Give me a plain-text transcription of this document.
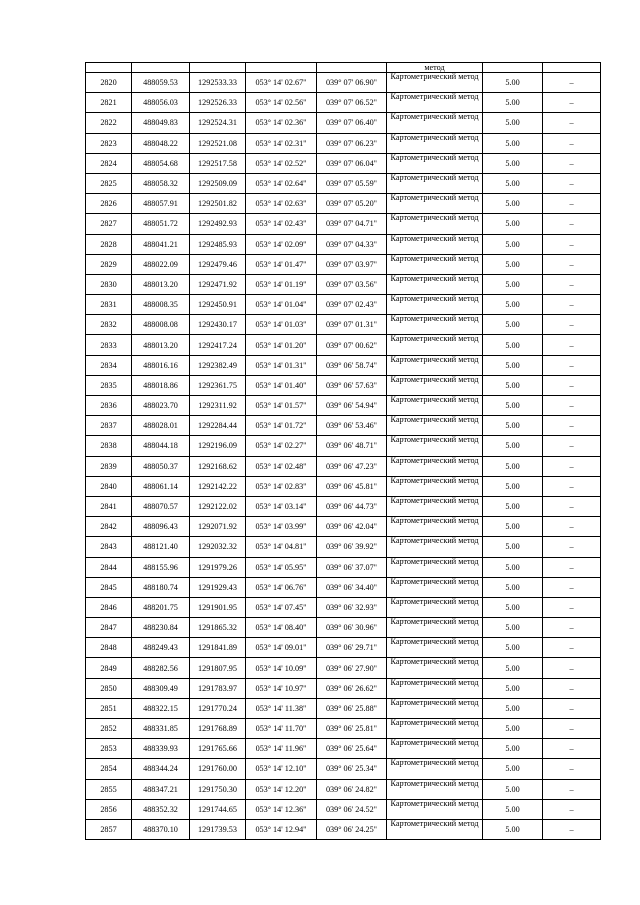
					метод		
2820	488059.53	1292533.33	053° 14' 02.67"	039° 07' 06.90"	Картометрический метод	5.00	–
2821	488056.03	1292526.33	053° 14' 02.56"	039° 07' 06.52"	Картометрический метод	5.00	–
2822	488049.83	1292524.31	053° 14' 02.36"	039° 07' 06.40"	Картометрический метод	5.00	–
2823	488048.22	1292521.08	053° 14' 02.31"	039° 07' 06.23"	Картометрический метод	5.00	–
2824	488054.68	1292517.58	053° 14' 02.52"	039° 07' 06.04"	Картометрический метод	5.00	–
2825	488058.32	1292509.09	053° 14' 02.64"	039° 07' 05.59"	Картометрический метод	5.00	–
2826	488057.91	1292501.82	053° 14' 02.63"	039° 07' 05.20"	Картометрический метод	5.00	–
2827	488051.72	1292492.93	053° 14' 02.43"	039° 07' 04.71"	Картометрический метод	5.00	–
2828	488041.21	1292485.93	053° 14' 02.09"	039° 07' 04.33"	Картометрический метод	5.00	–
2829	488022.09	1292479.46	053° 14' 01.47"	039° 07' 03.97"	Картометрический метод	5.00	–
2830	488013.20	1292471.92	053° 14' 01.19"	039° 07' 03.56"	Картометрический метод	5.00	–
2831	488008.35	1292450.91	053° 14' 01.04"	039° 07' 02.43"	Картометрический метод	5.00	–
2832	488008.08	1292430.17	053° 14' 01.03"	039° 07' 01.31"	Картометрический метод	5.00	–
2833	488013.20	1292417.24	053° 14' 01.20"	039° 07' 00.62"	Картометрический метод	5.00	–
2834	488016.16	1292382.49	053° 14' 01.31"	039° 06' 58.74"	Картометрический метод	5.00	–
2835	488018.86	1292361.75	053° 14' 01.40"	039° 06' 57.63"	Картометрический метод	5.00	–
2836	488023.70	1292311.92	053° 14' 01.57"	039° 06' 54.94"	Картометрический метод	5.00	–
2837	488028.01	1292284.44	053° 14' 01.72"	039° 06' 53.46"	Картометрический метод	5.00	–
2838	488044.18	1292196.09	053° 14' 02.27"	039° 06' 48.71"	Картометрический метод	5.00	–
2839	488050.37	1292168.62	053° 14' 02.48"	039° 06' 47.23"	Картометрический метод	5.00	–
2840	488061.14	1292142.22	053° 14' 02.83"	039° 06' 45.81"	Картометрический метод	5.00	–
2841	488070.57	1292122.02	053° 14' 03.14"	039° 06' 44.73"	Картометрический метод	5.00	–
2842	488096.43	1292071.92	053° 14' 03.99"	039° 06' 42.04"	Картометрический метод	5.00	–
2843	488121.40	1292032.32	053° 14' 04.81"	039° 06' 39.92"	Картометрический метод	5.00	–
2844	488155.96	1291979.26	053° 14' 05.95"	039° 06' 37.07"	Картометрический метод	5.00	–
2845	488180.74	1291929.43	053° 14' 06.76"	039° 06' 34.40"	Картометрический метод	5.00	–
2846	488201.75	1291901.95	053° 14' 07.45"	039° 06' 32.93"	Картометрический метод	5.00	–
2847	488230.84	1291865.32	053° 14' 08.40"	039° 06' 30.96"	Картометрический метод	5.00	–
2848	488249.43	1291841.89	053° 14' 09.01"	039° 06' 29.71"	Картометрический метод	5.00	–
2849	488282.56	1291807.95	053° 14' 10.09"	039° 06' 27.90"	Картометрический метод	5.00	–
2850	488309.49	1291783.97	053° 14' 10.97"	039° 06' 26.62"	Картометрический метод	5.00	–
2851	488322.15	1291770.24	053° 14' 11.38"	039° 06' 25.88"	Картометрический метод	5.00	–
2852	488331.85	1291768.89	053° 14' 11.70"	039° 06' 25.81"	Картометрический метод	5.00	–
2853	488339.93	1291765.66	053° 14' 11.96"	039° 06' 25.64"	Картометрический метод	5.00	–
2854	488344.24	1291760.00	053° 14' 12.10"	039° 06' 25.34"	Картометрический метод	5.00	–
2855	488347.21	1291750.30	053° 14' 12.20"	039° 06' 24.82"	Картометрический метод	5.00	–
2856	488352.32	1291744.65	053° 14' 12.36"	039° 06' 24.52"	Картометрический метод	5.00	–
2857	488370.10	1291739.53	053° 14' 12.94"	039° 06' 24.25"	Картометрический метод	5.00	–
